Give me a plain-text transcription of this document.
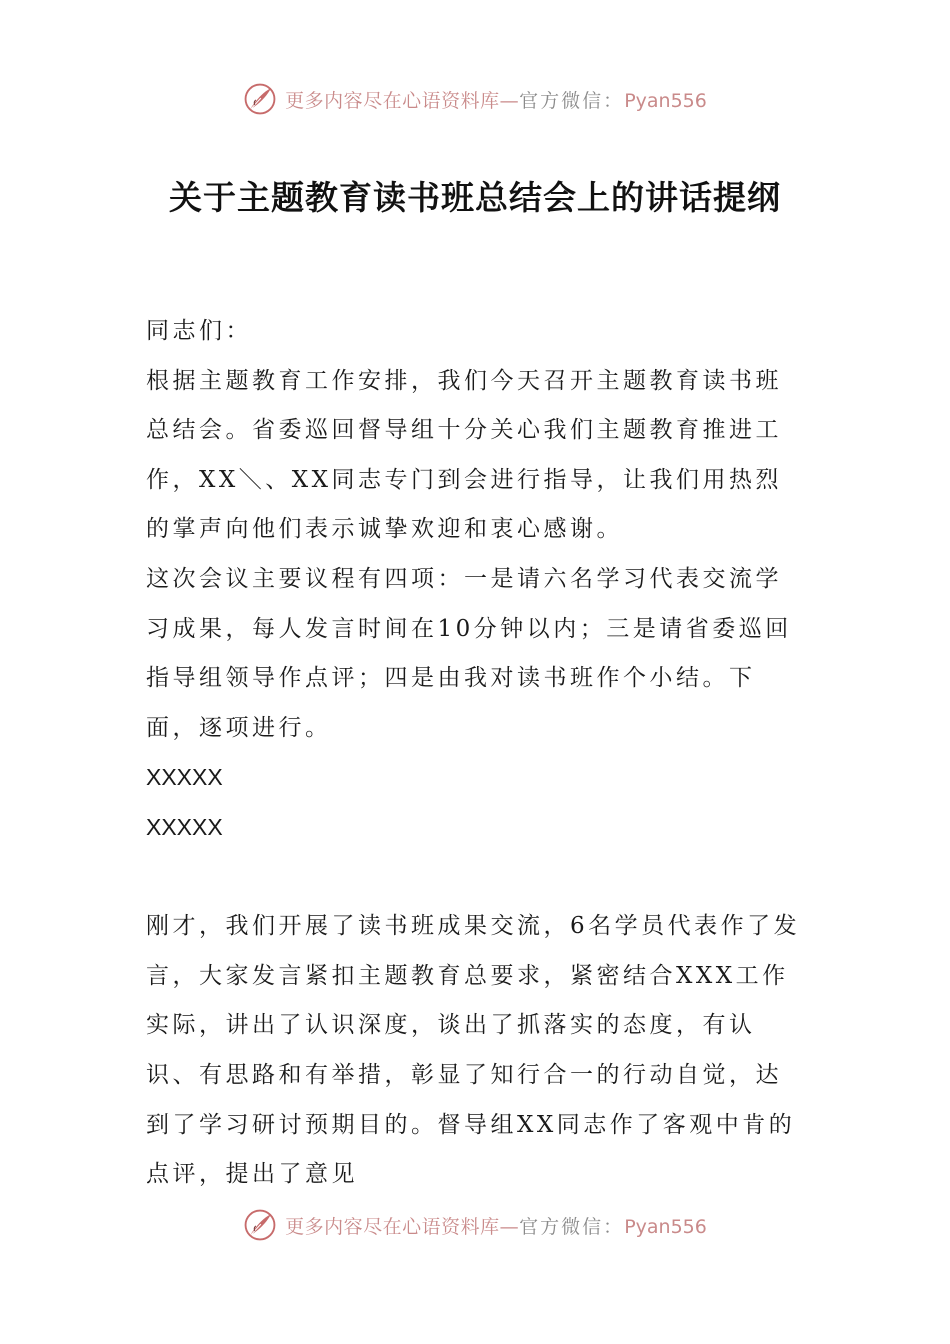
更多内容尽在心语资料库— 官方微信： Pyan556
关于主题教育读书班总结会上的讲话提纲

同志们：

根据主题教育工作安排，我们今天召开主题教育读书班总结会。省委巡回督导组十分关心我们主题教育推进工作，XX＼、XX同志专门到会进行指导，让我们用热烈的掌声向他们表示诚挚欢迎和衷心感谢。

这次会议主要议程有四项：一是请六名学习代表交流学习成果，每人发言时间在10分钟以内；三是请省委巡回指导组领导作点评；四是由我对读书班作个小结。下面，逐项进行。

XXXXX

XXXXX

刚才，我们开展了读书班成果交流，6名学员代表作了发言，大家发言紧扣主题教育总要求，紧密结合XXX工作实际，讲出了认识深度，谈出了抓落实的态度，有认识、有思路和有举措，彰显了知行合一的行动自觉，达到了学习研讨预期目的。督导组XX同志作了客观中肯的点评，提出了意见

更多内容尽在心语资料库— 官方微信： Pyan556
